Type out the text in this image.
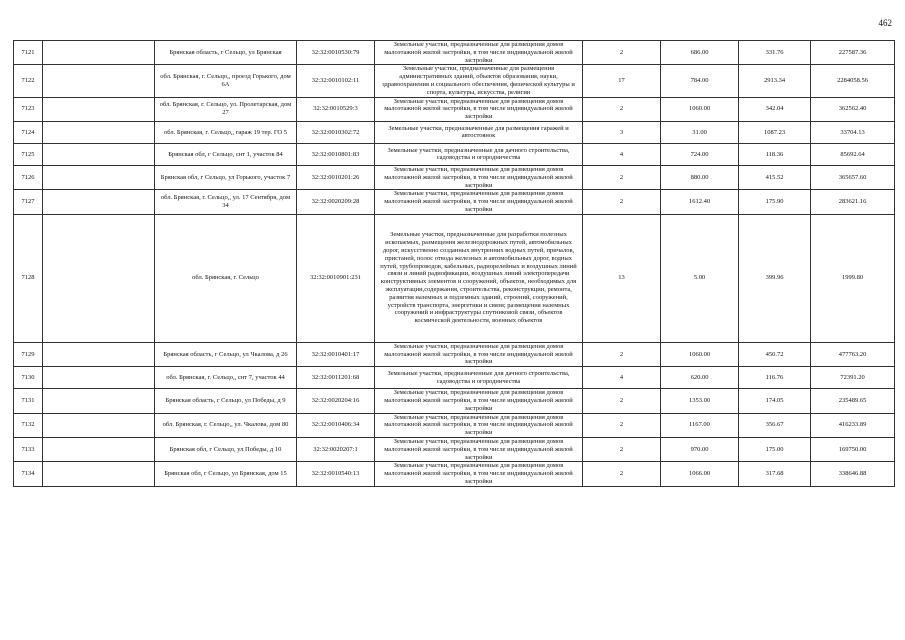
462
7121		Брянская область, г Сельцо, ул Брянская	32:32:0010530:79	Земельные участки, предназначенные для размещения домов малоэтажной жилой застройки, в том числе индивидуальной жилой застройки	2	686.00	331.76	227587.36
7122		обл. Брянская, г. Сельцо,, проезд Горького, дом 6А	32:32:0010102:11	Земельные участки, предназначенные для размещения административных зданий, объектов образования, науки, здравоохранения и социального обеспечения, физической культуры и спорта, культуры, искусства, религии	17	784.00	2913.34	2284058.56
7123		обл. Брянская, г. Сельцо, ул. Пролетарская, дом 27	32:32:0010529:3	Земельные участки, предназначенные для размещения домов малоэтажной жилой застройки, в том числе индивидуальной жилой застройки	2	1060.00	342.04	362562.40
7124		обл. Брянская, г. Сельцо,, гараж 19 тер. ГО 5	32:32:0010302:72	Земельные участки, предназначенные для размещения гаражей и автостоянок	3	31.00	1087.23	33704.13
7125		Брянская обл, г Сельцо, снт 1, участок 84	32:32:0010801:83	Земельные участки, предназначенные для дачного строительства, садоводства и огородничества	4	724.00	118.36	85692.64
7126		Брянская обл, г Сельцо, ул Горького, участок 7	32:32:0010201:26	Земельные участки, предназначенные для размещения домов малоэтажной жилой застройки, в том числе индивидуальной жилой застройки	2	880.00	415.52	365657.60
7127		обл. Брянская, г. Сельцо,, ул. 17 Сентября, дом 34	32:32:0020209:28	Земельные участки, предназначенные для размещения домов малоэтажной жилой застройки, в том числе индивидуальной жилой застройки	2	1612.40	175.90	283621.16
7128		обл. Брянская, г. Сельцо	32:32:0010901:231	Земельные участки, предназначенные для разработки полезных ископаемых, размещения железнодорожных путей, автомобильных дорог, искусственно созданных внутренних водных путей, причалов, пристаней, полос отвода железных и автомобильных дорог, водных путей, трубопроводов, кабельных, радиорелейных и воздушных линий связи и линий радиофикации, воздушных линий электропередачи конструктивных элементов и сооружений, объектов, необходимых для эксплуатации,содержания, строительства, реконструкции, ремонта, развития наземных и подземных зданий, строений, сооружений, устройств транспорта, энергетики и связи; размещения наземных сооружений и инфраструктуры спутниковой связи, объектов космической деятельности, военных объектов	13	5.00	399.96	1999.80
7129		Брянская область, г Сельцо, ул Чкалова, д 26	32:32:0010401:17	Земельные участки, предназначенные для размещения домов малоэтажной жилой застройки, в том числе индивидуальной жилой застройки	2	1060.00	450.72	477763.20
7130		обл. Брянская, г. Сельцо,, снт 7, участок 44	32:32:0011201:68	Земельные участки, предназначенные для дачного строительства, садоводства и огородничества	4	620.00	116.76	72391.20
7131		Брянская область, г Сельцо, ул Победы, д 9	32:32:0020204:16	Земельные участки, предназначенные для размещения домов малоэтажной жилой застройки, в том числе индивидуальной жилой застройки	2	1353.00	174.05	235489.65
7132		обл. Брянская, г. Сельцо,, ул. Чкалова, дом 80	32:32:0010406:34	Земельные участки, предназначенные для размещения домов малоэтажной жилой застройки, в том числе индивидуальной жилой застройки	2	1167.00	356.67	416233.89
7133		Брянская обл, г Сельцо, ул Победы, д 10	32:32:0020207:1	Земельные участки, предназначенные для размещения домов малоэтажной жилой застройки, в том числе индивидуальной жилой застройки	2	970.00	175.00	169750.00
7134		Брянская обл, г Сельцо, ул Брянская, дом 15	32:32:0010540:13	Земельные участки, предназначенные для размещения домов малоэтажной жилой застройки, в том числе индивидуальной жилой застройки	2	1066.00	317.68	338646.88
